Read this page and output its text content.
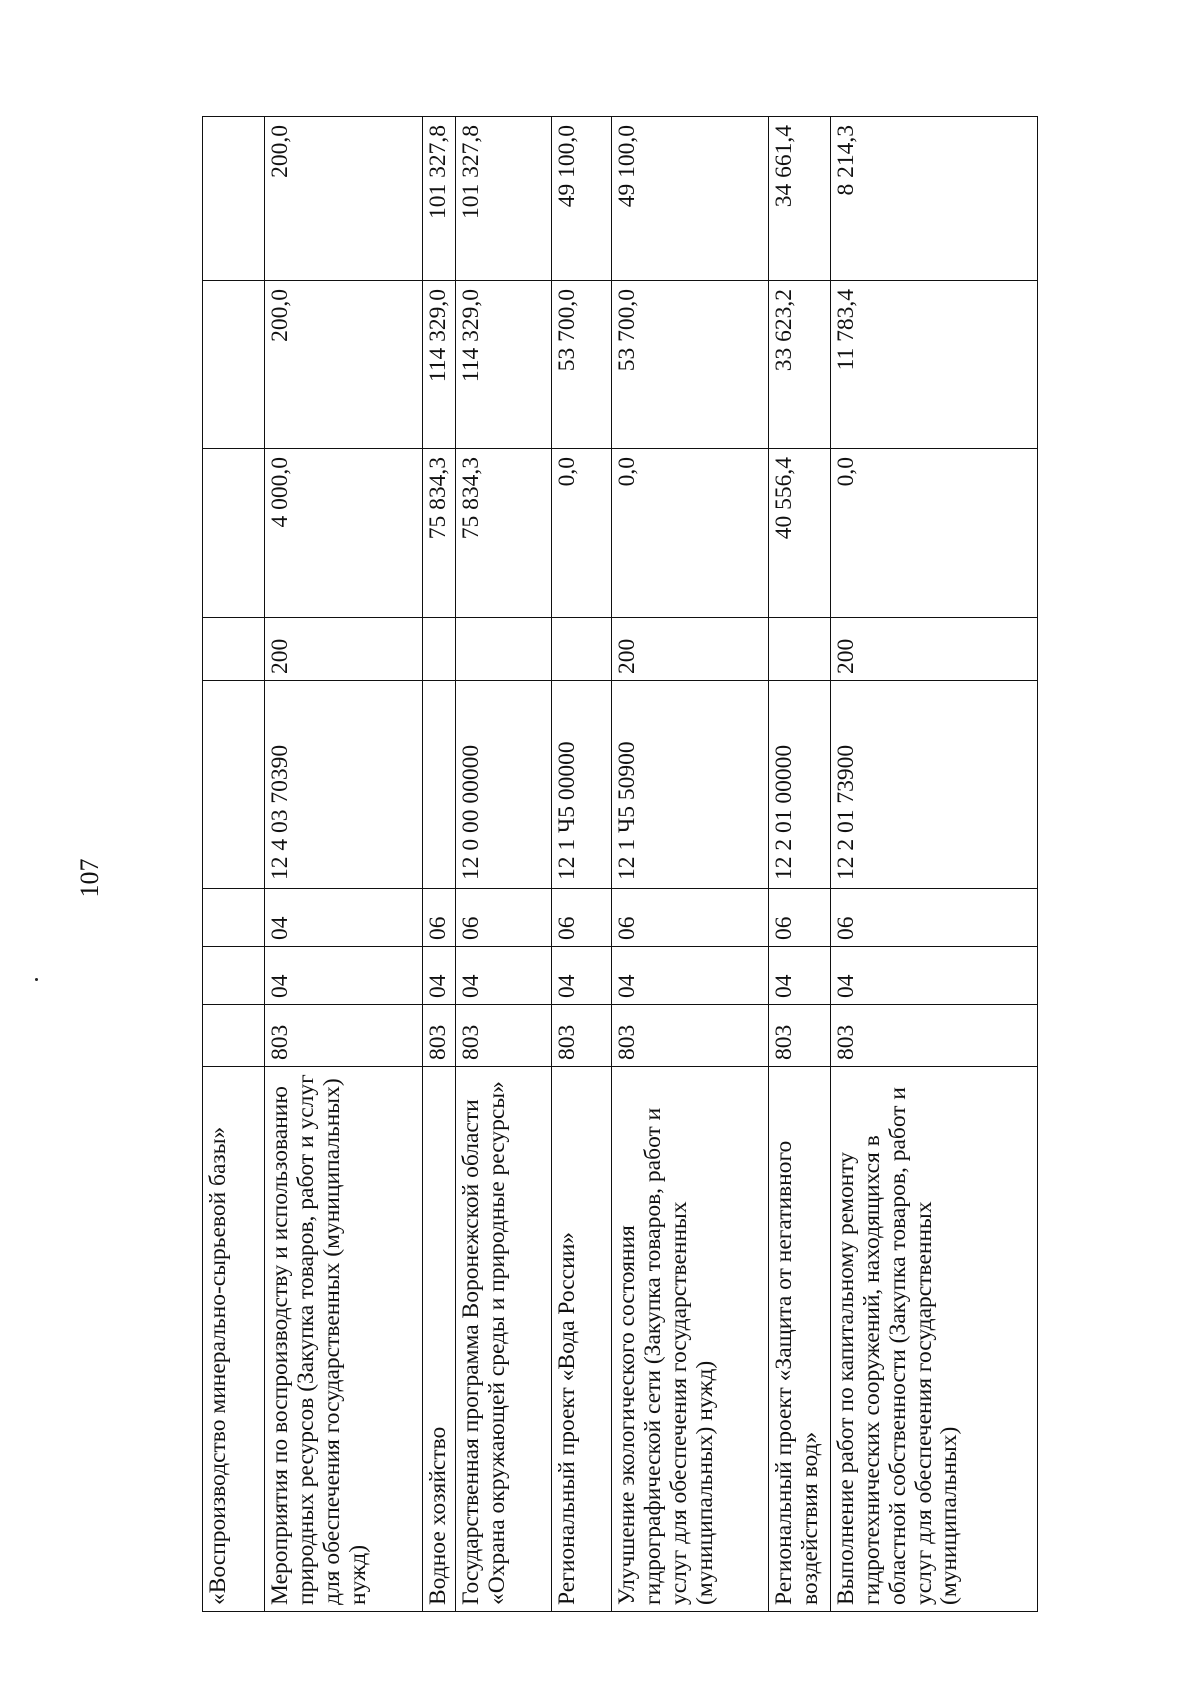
107
«Воспроизводство минерально-сырьевой базы»								
Мероприятия по воспроизводству и использованию природных ресурсов (Закупка товаров, работ и услуг для обеспечения государственных (муниципальных) нужд)	803	04	04	12 4 03 70390	200	4 000,0	200,0	200,0
Водное хозяйство	803	04	06			75 834,3	114 329,0	101 327,8
Государственная программа Воронежской области «Охрана окружающей среды и природные ресурсы»	803	04	06	12 0 00 00000		75 834,3	114 329,0	101 327,8
Региональный проект «Вода России»	803	04	06	12 1 Ч5 00000		0,0	53 700,0	49 100,0
Улучшение экологического состояния гидрографической сети (Закупка товаров, работ и услуг для обеспечения государственных (муниципальных) нужд)	803	04	06	12 1 Ч5 50900	200	0,0	53 700,0	49 100,0
Региональный проект «Защита от негативного воздействия вод»	803	04	06	12 2 01 00000		40 556,4	33 623,2	34 661,4
Выполнение работ по капитальному ремонту гидротехнических сооружений, находящихся в областной собственности (Закупка товаров, работ и услуг для обеспечения государственных (муниципальных)	803	04	06	12 2 01 73900	200	0,0	11 783,4	8 214,3
